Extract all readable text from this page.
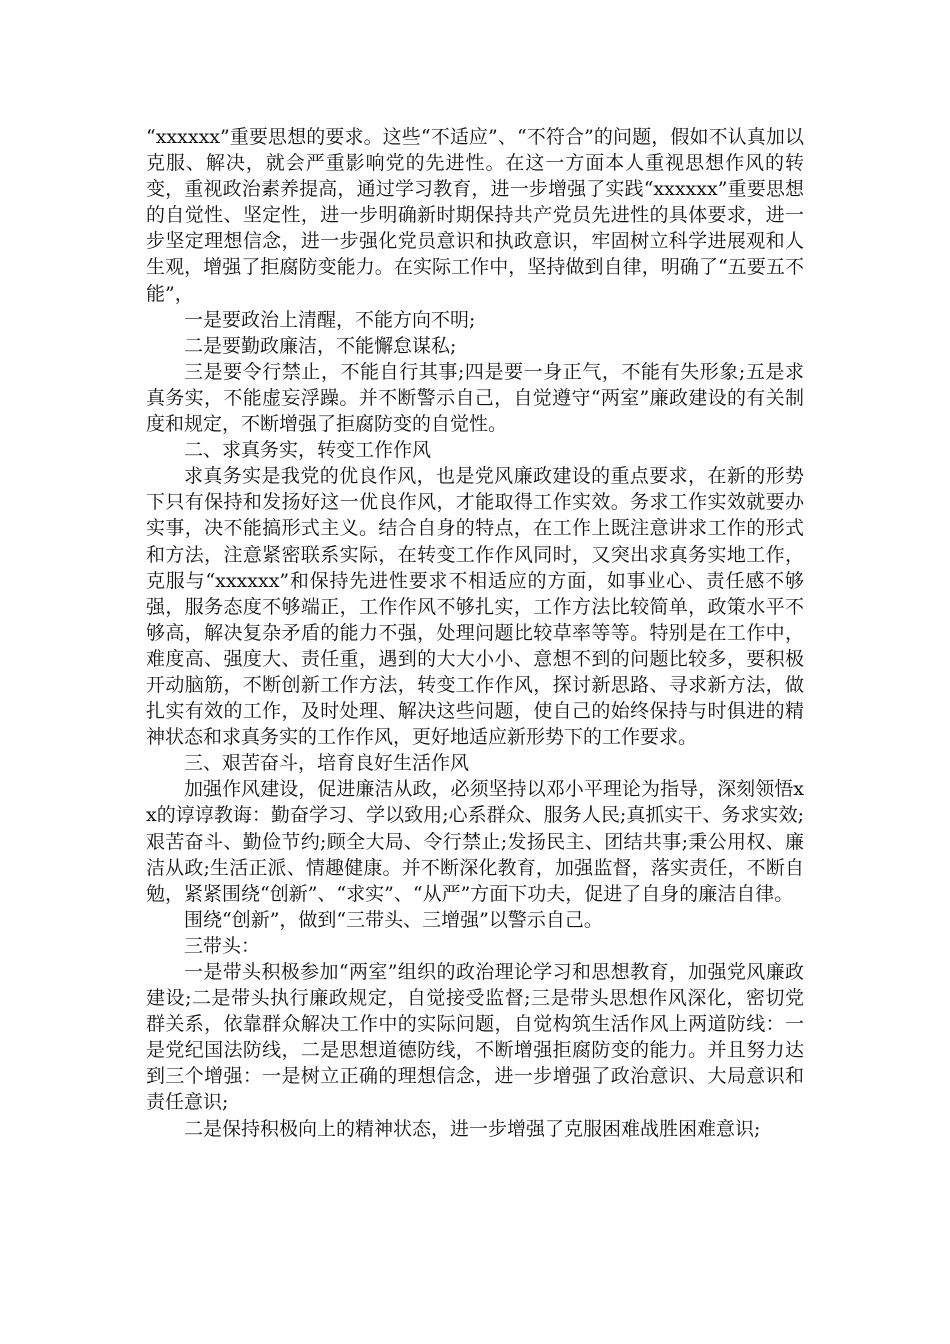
“xxxxxx”重要思想的要求。这些“不适应”、“不符合”的问题，假如不认真加以克服、解决，就会严重影响党的先进性。在这一方面本人重视思想作风的转变，重视政治素养提高，通过学习教育，进一步增强了实践“xxxxxx”重要思想的自觉性、坚定性，进一步明确新时期保持共产党员先进性的具体要求，进一步坚定理想信念，进一步强化党员意识和执政意识，牢固树立科学进展观和人生观，增强了拒腐防变能力。在实际工作中，坚持做到自律，明确了“五要五不能”，

一是要政治上清醒，不能方向不明;

二是要勤政廉洁，不能懈怠谋私;

三是要令行禁止，不能自行其事;四是要一身正气，不能有失形象;五是求真务实，不能虚妄浮躁。并不断警示自己，自觉遵守“两室”廉政建设的有关制度和规定，不断增强了拒腐防变的自觉性。

二、求真务实，转变工作作风

求真务实是我党的优良作风，也是党风廉政建设的重点要求，在新的形势下只有保持和发扬好这一优良作风，才能取得工作实效。务求工作实效就要办实事，决不能搞形式主义。结合自身的特点，在工作上既注意讲求工作的形式和方法，注意紧密联系实际，在转变工作作风同时，又突出求真务实地工作，克服与“xxxxxx”和保持先进性要求不相适应的方面，如事业心、责任感不够强，服务态度不够端正，工作作风不够扎实，工作方法比较简单，政策水平不够高，解决复杂矛盾的能力不强，处理问题比较草率等等。特别是在工作中，难度高、强度大、责任重，遇到的大大小小、意想不到的问题比较多，要积极开动脑筋，不断创新工作方法，转变工作作风，探讨新思路、寻求新方法，做扎实有效的工作，及时处理、解决这些问题，使自己的始终保持与时俱进的精神状态和求真务实的工作作风，更好地适应新形势下的工作要求。

三、艰苦奋斗，培育良好生活作风

加强作风建设，促进廉洁从政，必须坚持以邓小平理论为指导，深刻领悟xx的谆谆教诲：勤奋学习、学以致用;心系群众、服务人民;真抓实干、务求实效;艰苦奋斗、勤俭节约;顾全大局、令行禁止;发扬民主、团结共事;秉公用权、廉洁从政;生活正派、情趣健康。并不断深化教育，加强监督，落实责任，不断自勉，紧紧围绕“创新”、“求实”、“从严”方面下功夫，促进了自身的廉洁自律。

围绕“创新”，做到“三带头、三增强”以警示自己。

三带头：

一是带头积极参加“两室”组织的政治理论学习和思想教育，加强党风廉政建设;二是带头执行廉政规定，自觉接受监督;三是带头思想作风深化，密切党群关系，依靠群众解决工作中的实际问题，自觉构筑生活作风上两道防线：一是党纪国法防线，二是思想道德防线，不断增强拒腐防变的能力。并且努力达到三个增强：一是树立正确的理想信念，进一步增强了政治意识、大局意识和责任意识;

二是保持积极向上的精神状态，进一步增强了克服困难战胜困难意识;
